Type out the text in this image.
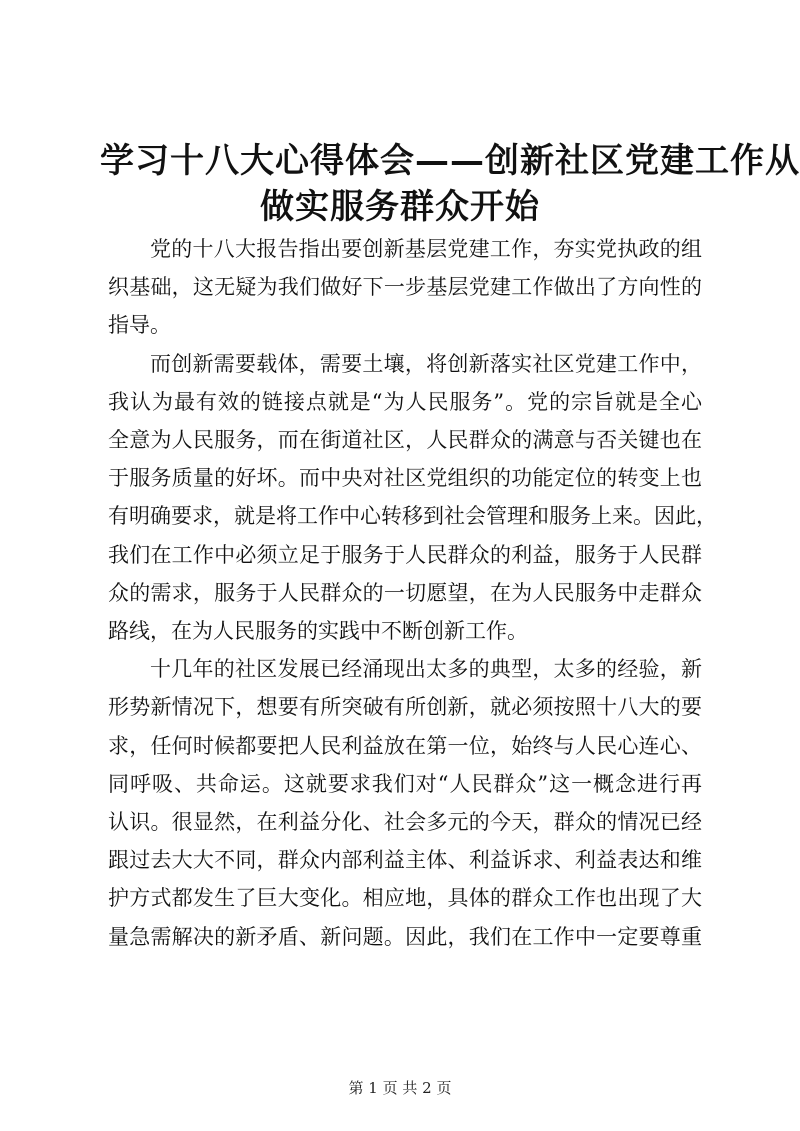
学习十八大心得体会——创新社区党建工作从
做实服务群众开始

党的十八大报告指出要创新基层党建工作，夯实党执政的组
织基础，这无疑为我们做好下一步基层党建工作做出了方向性的
指导。

而创新需要载体，需要土壤，将创新落实社区党建工作中，
我认为最有效的链接点就是“为人民服务”。党的宗旨就是全心
全意为人民服务，而在街道社区，人民群众的满意与否关键也在
于服务质量的好坏。而中央对社区党组织的功能定位的转变上也
有明确要求，就是将工作中心转移到社会管理和服务上来。因此，
我们在工作中必须立足于服务于人民群众的利益，服务于人民群
众的需求，服务于人民群众的一切愿望，在为人民服务中走群众
路线，在为人民服务的实践中不断创新工作。

十几年的社区发展已经涌现出太多的典型，太多的经验，新
形势新情况下，想要有所突破有所创新，就必须按照十八大的要
求，任何时候都要把人民利益放在第一位，始终与人民心连心、
同呼吸、共命运。这就要求我们对“人民群众”这一概念进行再
认识。很显然，在利益分化、社会多元的今天，群众的情况已经
跟过去大大不同，群众内部利益主体、利益诉求、利益表达和维
护方式都发生了巨大变化。相应地，具体的群众工作也出现了大
量急需解决的新矛盾、新问题。因此，我们在工作中一定要尊重

第 1 页 共 2 页
